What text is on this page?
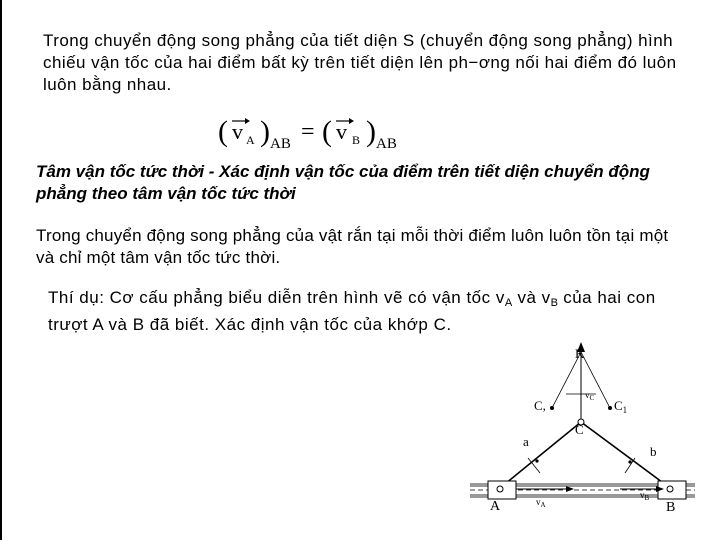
Trong chuyển động song phẳng của tiết diện S (chuyển động song phẳng) hình chiếu vận tốc của hai điểm bất kỳ trên tiết diện lên ph−ơng nối hai điểm đó luôn luôn bằng nhau.

( v A ) AB = ( v B ) AB

Tâm vận tốc tức thời - Xác định vận tốc của điểm trên tiết diện chuyển động phẳng theo tâm vận tốc tức thời

Trong chuyển động song phẳng của vật rắn tại mỗi thời điểm luôn luôn tồn tại một và chỉ một tâm vận tốc tức thời.

Thí dụ: Cơ cấu phẳng biểu diễn trên hình vẽ có vận tốc $v_A$ và $v_B$ của hai con trượt A và B đã biết. Xác định vận tốc của khớp C.

K
$v_C$
C,	$C_1$
C
a
b
A	$v_A$
$v_B$
B
